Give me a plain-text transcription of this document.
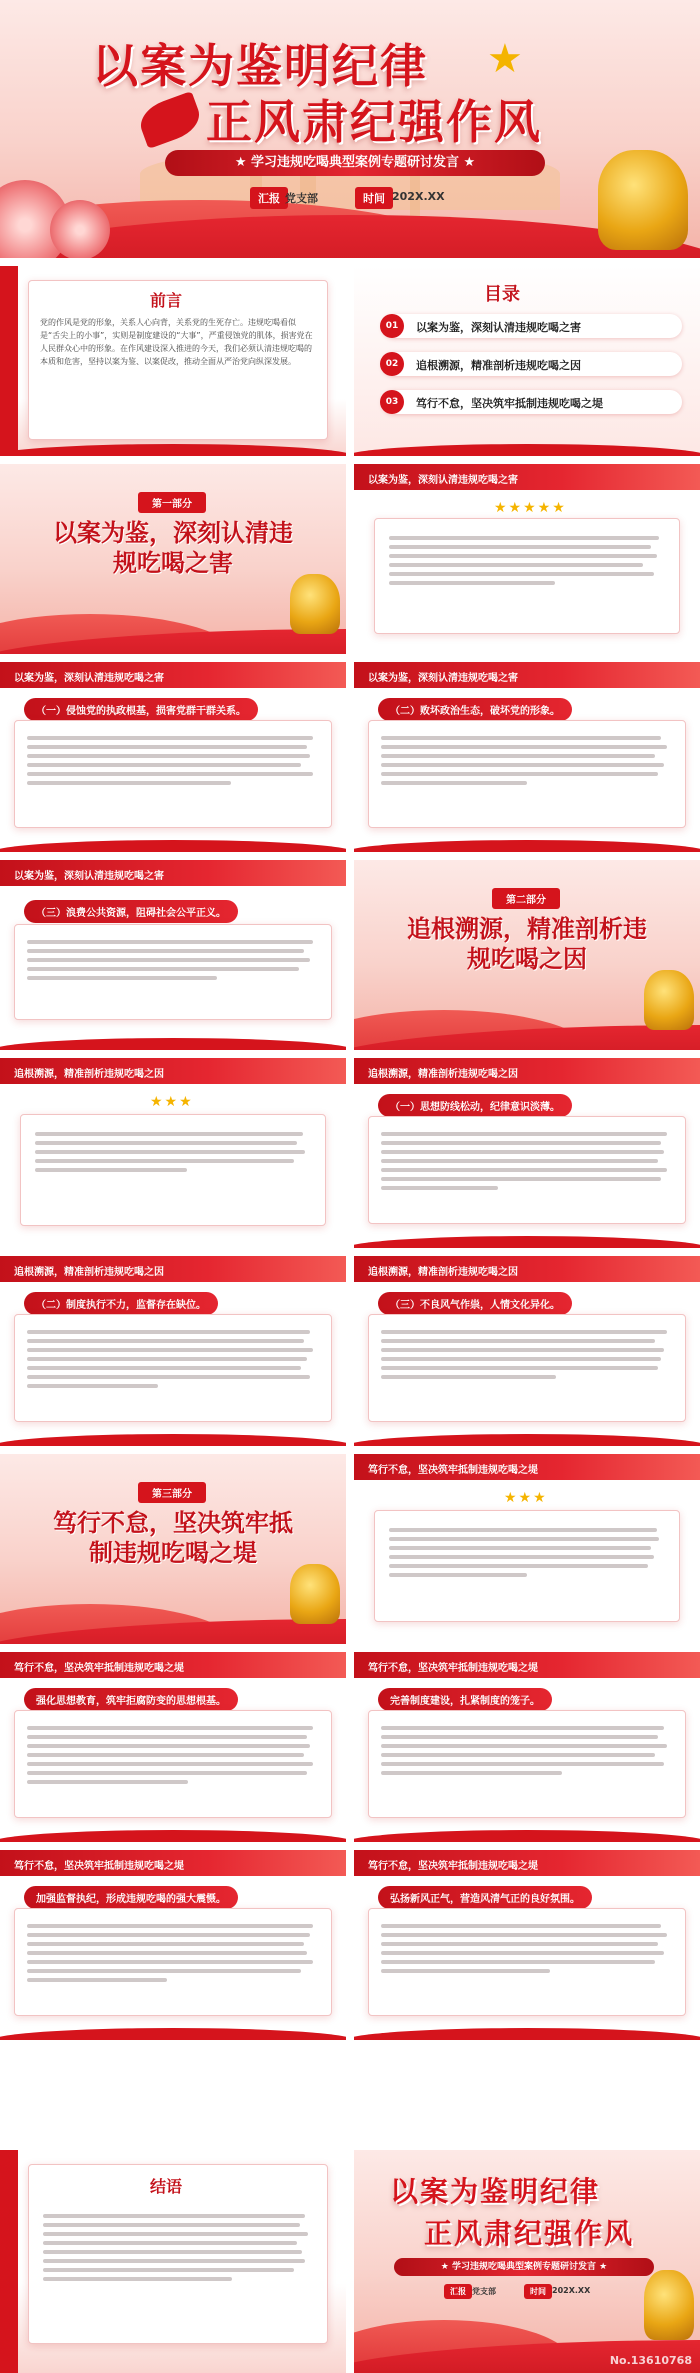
以案为鉴明纪律 ★
正风肃纪强作风
★ 学习违规吃喝典型案例专题研讨发言 ★
汇报 党支部	时间 202X.XX
前言
党的作风是党的形象，关系人心向背，关系党的生死存亡。违规吃喝看似是“舌尖上的小事”，实则是制度建设的“大事”，严重侵蚀党的肌体，损害党在人民群众心中的形象。在作风建设深入推进的今天，我们必须认清违规吃喝的本质和危害，坚持以案为鉴、以案促改，推动全面从严治党向纵深发展。
目录
01	以案为鉴，深刻认清违规吃喝之害
02	追根溯源，精准剖析违规吃喝之因
03	笃行不怠，坚决筑牢抵制违规吃喝之堤
第一部分
以案为鉴，深刻认清违
规吃喝之害
以案为鉴，深刻认清违规吃喝之害
★★★★★
以案为鉴，深刻认清违规吃喝之害
（一）侵蚀党的执政根基，损害党群干群关系。
以案为鉴，深刻认清违规吃喝之害
（二）败坏政治生态，破坏党的形象。
以案为鉴，深刻认清违规吃喝之害
（三）浪费公共资源，阻碍社会公平正义。
第二部分
追根溯源，精准剖析违
规吃喝之因
追根溯源，精准剖析违规吃喝之因
★★★
追根溯源，精准剖析违规吃喝之因
（一）思想防线松动，纪律意识淡薄。
追根溯源，精准剖析违规吃喝之因
（二）制度执行不力，监督存在缺位。
追根溯源，精准剖析违规吃喝之因
（三）不良风气作祟，人情文化异化。
第三部分
笃行不怠，坚决筑牢抵
制违规吃喝之堤
笃行不怠，坚决筑牢抵制违规吃喝之堤
★★★
笃行不怠，坚决筑牢抵制违规吃喝之堤
强化思想教育，筑牢拒腐防变的思想根基。
笃行不怠，坚决筑牢抵制违规吃喝之堤
完善制度建设，扎紧制度的笼子。
笃行不怠，坚决筑牢抵制违规吃喝之堤
加强监督执纪，形成违规吃喝的强大震慑。
笃行不怠，坚决筑牢抵制违规吃喝之堤
弘扬新风正气，营造风清气正的良好氛围。
结语	以案为鉴明纪律
正风肃纪强作风
★ 学习违规吃喝典型案例专题研讨发言 ★
汇报 党支部	时间 202X.XX
No.13610768
